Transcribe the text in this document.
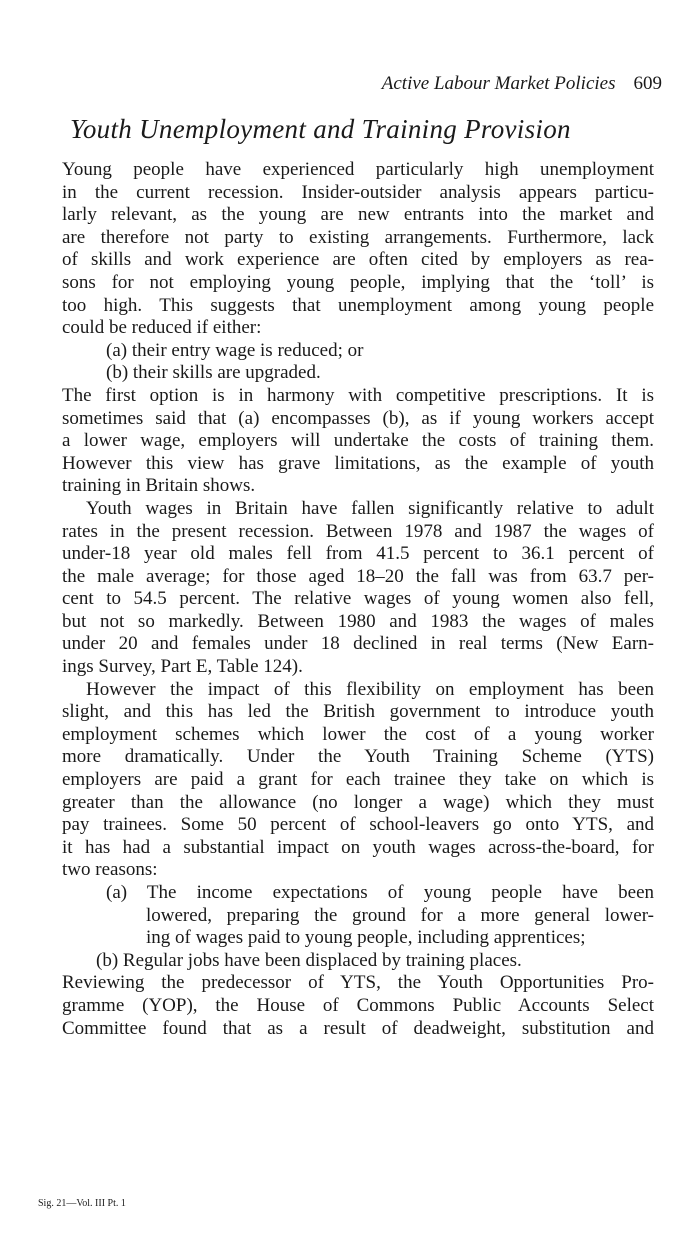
Active Labour Market Policies 609
Youth Unemployment and Training Provision
Young people have experienced particularly high unemployment
in the current recession. Insider-outsider analysis appears particu-
larly relevant, as the young are new entrants into the market and
are therefore not party to existing arrangements. Furthermore, lack
of skills and work experience are often cited by employers as rea-
sons for not employing young people, implying that the ‘toll’ is
too high. This suggests that unemployment among young people
could be reduced if either:
(a) their entry wage is reduced; or
(b) their skills are upgraded.
The first option is in harmony with competitive prescriptions. It is
sometimes said that (a) encompasses (b), as if young workers accept
a lower wage, employers will undertake the costs of training them.
However this view has grave limitations, as the example of youth
training in Britain shows.
Youth wages in Britain have fallen significantly relative to adult
rates in the present recession. Between 1978 and 1987 the wages of
under-18 year old males fell from 41.5 percent to 36.1 percent of
the male average; for those aged 18–20 the fall was from 63.7 per-
cent to 54.5 percent. The relative wages of young women also fell,
but not so markedly. Between 1980 and 1983 the wages of males
under 20 and females under 18 declined in real terms (New Earn-
ings Survey, Part E, Table 124).
However the impact of this flexibility on employment has been
slight, and this has led the British government to introduce youth
employment schemes which lower the cost of a young worker
more dramatically. Under the Youth Training Scheme (YTS)
employers are paid a grant for each trainee they take on which is
greater than the allowance (no longer a wage) which they must
pay trainees. Some 50 percent of school-leavers go onto YTS, and
it has had a substantial impact on youth wages across-the-board, for
two reasons:
(a) The income expectations of young people have been
lowered, preparing the ground for a more general lower-
ing of wages paid to young people, including apprentices;
(b) Regular jobs have been displaced by training places.
Reviewing the predecessor of YTS, the Youth Opportunities Pro-
gramme (YOP), the House of Commons Public Accounts Select
Committee found that as a result of deadweight, substitution and
Sig. 21—Vol. III Pt. 1
